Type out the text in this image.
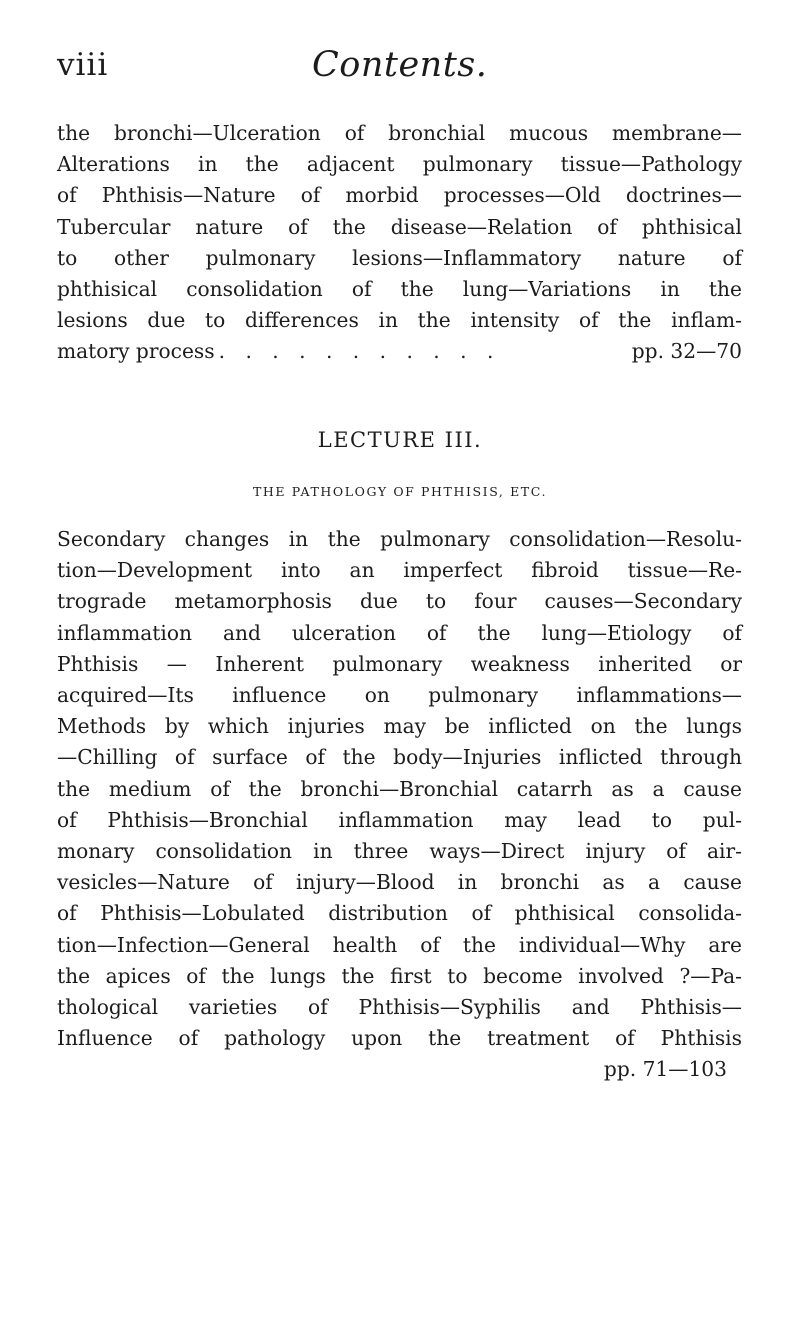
viii	Contents.
the bronchi—Ulceration of bronchial mucous membrane—
Alterations in the adjacent pulmonary tissue—Pathology
of Phthisis—Nature of morbid processes—Old doctrines—
Tubercular nature of the disease—Relation of phthisical
to other pulmonary lesions—Inflammatory nature of
phthisical consolidation of the lung—Variations in the
lesions due to differences in the intensity of the inflam-
matory process . . . . . . . . . . .	pp. 32—70
LECTURE III.
THE PATHOLOGY OF PHTHISIS, ETC.
Secondary changes in the pulmonary consolidation—Resolu-
tion—Development into an imperfect fibroid tissue—Re-
trograde metamorphosis due to four causes—Secondary
inflammation and ulceration of the lung—Etiology of
Phthisis — Inherent pulmonary weakness inherited or
acquired—Its influence on pulmonary inflammations—
Methods by which injuries may be inflicted on the lungs
—Chilling of surface of the body—Injuries inflicted through
the medium of the bronchi—Bronchial catarrh as a cause
of Phthisis—Bronchial inflammation may lead to pul-
monary consolidation in three ways—Direct injury of air-
vesicles—Nature of injury—Blood in bronchi as a cause
of Phthisis—Lobulated distribution of phthisical consolida-
tion—Infection—General health of the individual—Why are
the apices of the lungs the first to become involved ?—Pa-
thological varieties of Phthisis—Syphilis and Phthisis—
Influence of pathology upon the treatment of Phthisis
pp. 71—103
